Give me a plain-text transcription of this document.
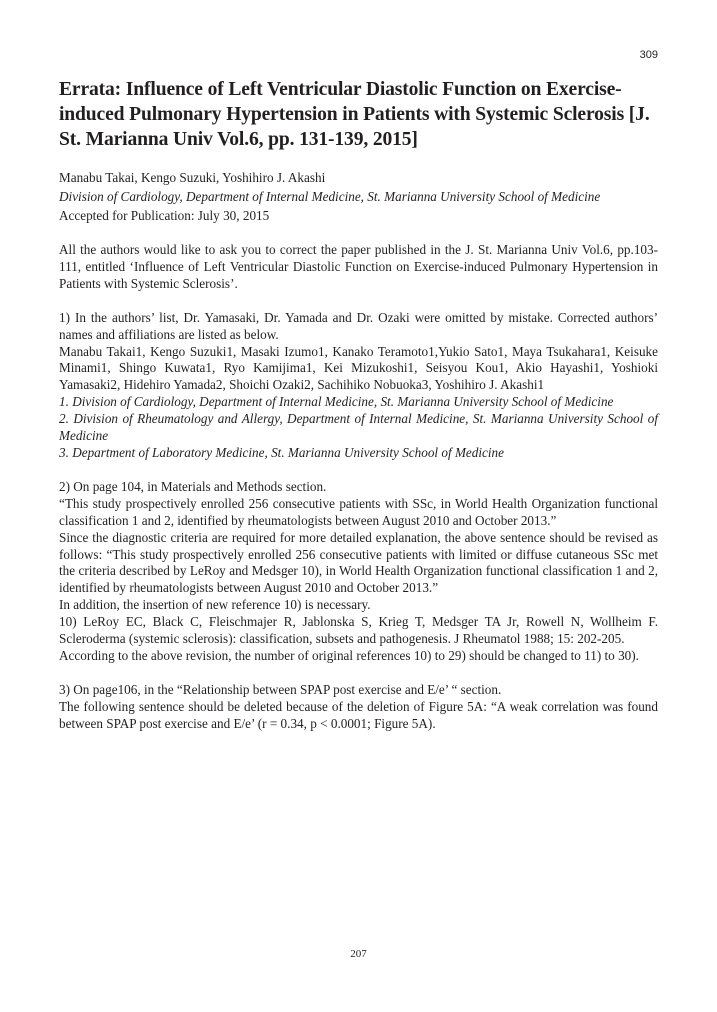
309
Errata: Influence of Left Ventricular Diastolic Function on Exercise-induced Pulmonary Hypertension in Patients with Systemic Sclerosis [J. St. Marianna Univ Vol.6, pp. 131-139, 2015]

Manabu Takai, Kengo Suzuki, Yoshihiro J. Akashi

Division of Cardiology, Department of Internal Medicine, St. Marianna University School of Medicine

Accepted for Publication: July 30, 2015

All the authors would like to ask you to correct the paper published in the J. St. Marianna Univ Vol.6, pp.103-111, entitled ‘Influence of Left Ventricular Diastolic Function on Exercise-induced Pulmonary Hypertension in Patients with Systemic Sclerosis’.

1) In the authors’ list, Dr. Yamasaki, Dr. Yamada and Dr. Ozaki were omitted by mistake. Corrected authors’ names and affiliations are listed as below.

Manabu Takai1, Kengo Suzuki1, Masaki Izumo1, Kanako Teramoto1,Yukio Sato1, Maya Tsukahara1, Keisuke Minami1, Shingo Kuwata1, Ryo Kamijima1, Kei Mizukoshi1, Seisyou Kou1, Akio Hayashi1, Yoshioki Yamasaki2, Hidehiro Yamada2, Shoichi Ozaki2, Sachihiko Nobuoka3, Yoshihiro J. Akashi1

1. Division of Cardiology, Department of Internal Medicine, St. Marianna University School of Medicine

2. Division of Rheumatology and Allergy, Department of Internal Medicine, St. Marianna University School of Medicine

3. Department of Laboratory Medicine, St. Marianna University School of Medicine

2) On page 104, in Materials and Methods section.

“This study prospectively enrolled 256 consecutive patients with SSc, in World Health Organization functional classification 1 and 2, identified by rheumatologists between August 2010 and October 2013.”

Since the diagnostic criteria are required for more detailed explanation, the above sentence should be revised as follows: “This study prospectively enrolled 256 consecutive patients with limited or diffuse cutaneous SSc met the criteria described by LeRoy and Medsger 10), in World Health Organization functional classification 1 and 2, identified by rheumatologists between August 2010 and October 2013.”

In addition, the insertion of new reference 10) is necessary.

10) LeRoy EC, Black C, Fleischmajer R, Jablonska S, Krieg T, Medsger TA Jr, Rowell N, Wollheim F. Scleroderma (systemic sclerosis): classification, subsets and pathogenesis. J Rheumatol 1988; 15: 202-205.

According to the above revision, the number of original references 10) to 29) should be changed to 11) to 30).

3) On page106, in the “Relationship between SPAP post exercise and E/e’ “ section.

The following sentence should be deleted because of the deletion of Figure 5A: “A weak correlation was found between SPAP post exercise and E/e’ (r = 0.34, p < 0.0001; Figure 5A).

207
